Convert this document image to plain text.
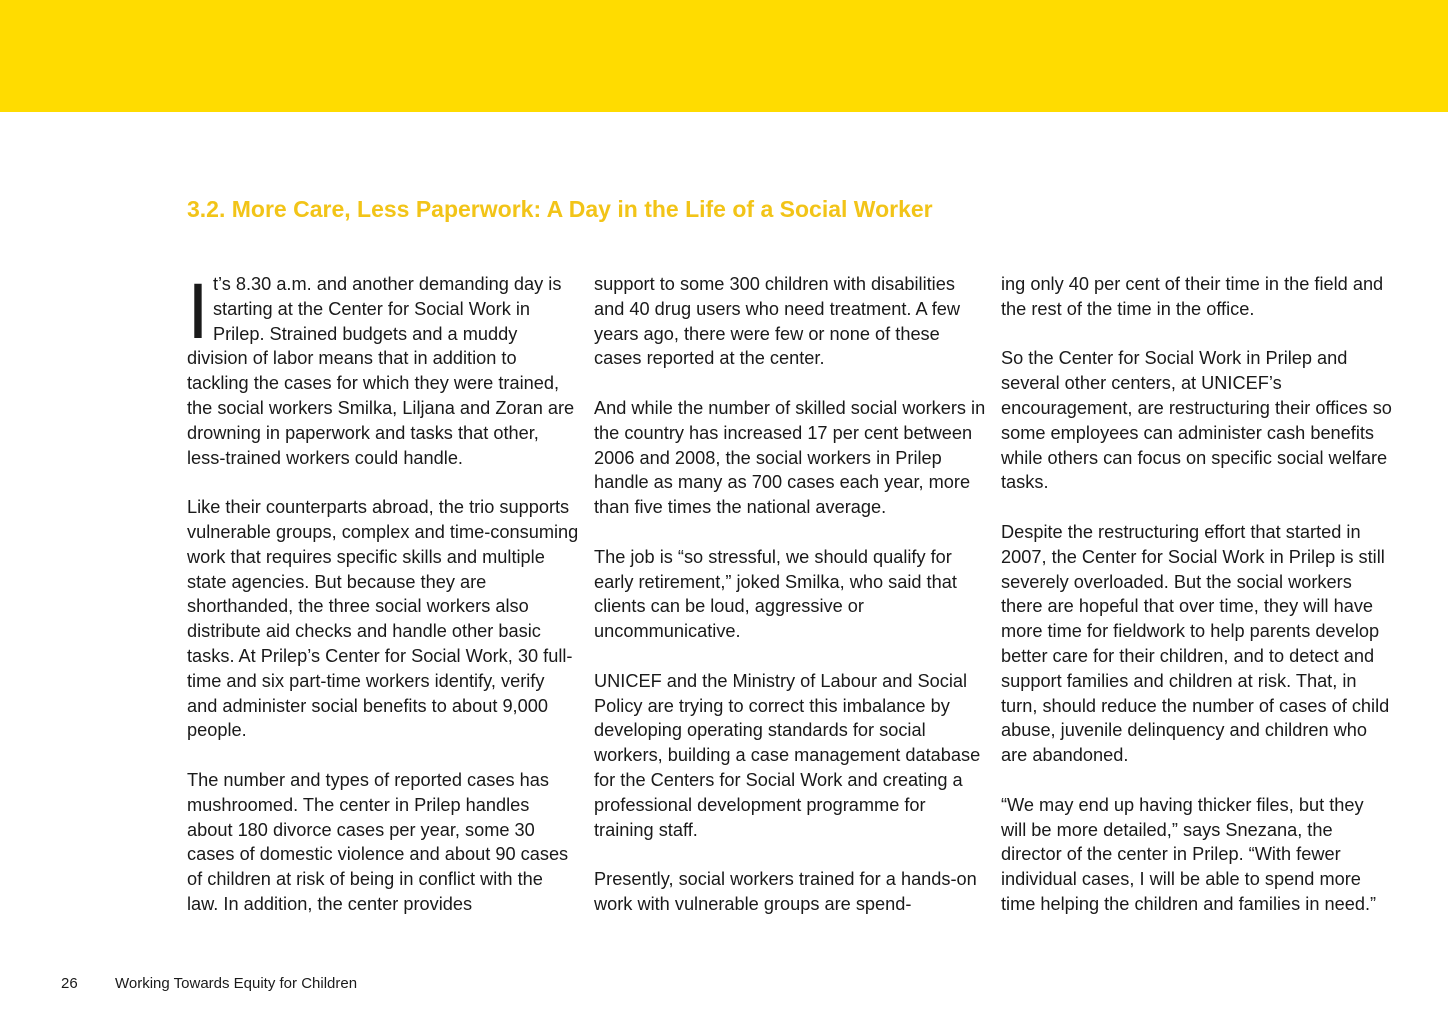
3.2. More Care, Less Paperwork: A Day in the Life of a Social Worker

It’s 8.30 a.m. and another demanding day is starting at the Center for Social Work in Prilep. Strained budgets and a muddy division of labor means that in addition to tackling the cases for which they were trained, the social workers Smilka, Liljana and Zoran are drowning in paperwork and tasks that other, less-trained workers could handle.

Like their counterparts abroad, the trio supports vulnerable groups, complex and time-consuming work that requires specific skills and multiple state agencies. But because they are shorthanded, the three social workers also distribute aid checks and handle other basic tasks. At Prilep’s Center for Social Work, 30 full-time and six part-time workers identify, verify and administer social benefits to about 9,000 people.

The number and types of reported cases has mushroomed. The center in Prilep handles about 180 divorce cases per year, some 30 cases of domestic violence and about 90 cases of children at risk of being in conflict with the law. In addition, the center provides

support to some 300 children with disabilities and 40 drug users who need treatment. A few years ago, there were few or none of these cases reported at the center.

And while the number of skilled social workers in the country has increased 17 per cent between 2006 and 2008, the social workers in Prilep handle as many as 700 cases each year, more than five times the national average.

The job is “so stressful, we should qualify for early retirement,” joked Smilka, who said that clients can be loud, aggressive or uncommunicative.

UNICEF and the Ministry of Labour and Social Policy are trying to correct this imbalance by developing operating standards for social workers, building a case management database for the Centers for Social Work and creating a professional development programme for training staff.

Presently, social workers trained for a hands-on work with vulnerable groups are spend-

ing only 40 per cent of their time in the field and the rest of the time in the office.

So the Center for Social Work in Prilep and several other centers, at UNICEF’s encouragement, are restructuring their offices so some employees can administer cash benefits while others can focus on specific social welfare tasks.

Despite the restructuring effort that started in 2007, the Center for Social Work in Prilep is still severely overloaded. But the social workers there are hopeful that over time, they will have more time for fieldwork to help parents develop better care for their children, and to detect and support families and children at risk. That, in turn, should reduce the number of cases of child abuse, juvenile delinquency and children who are abandoned.

“We may end up having thicker files, but they will be more detailed,” says Snezana, the director of the center in Prilep. “With fewer individual cases, I will be able to spend more time helping the children and families in need.”

26 Working Towards Equity for Children
